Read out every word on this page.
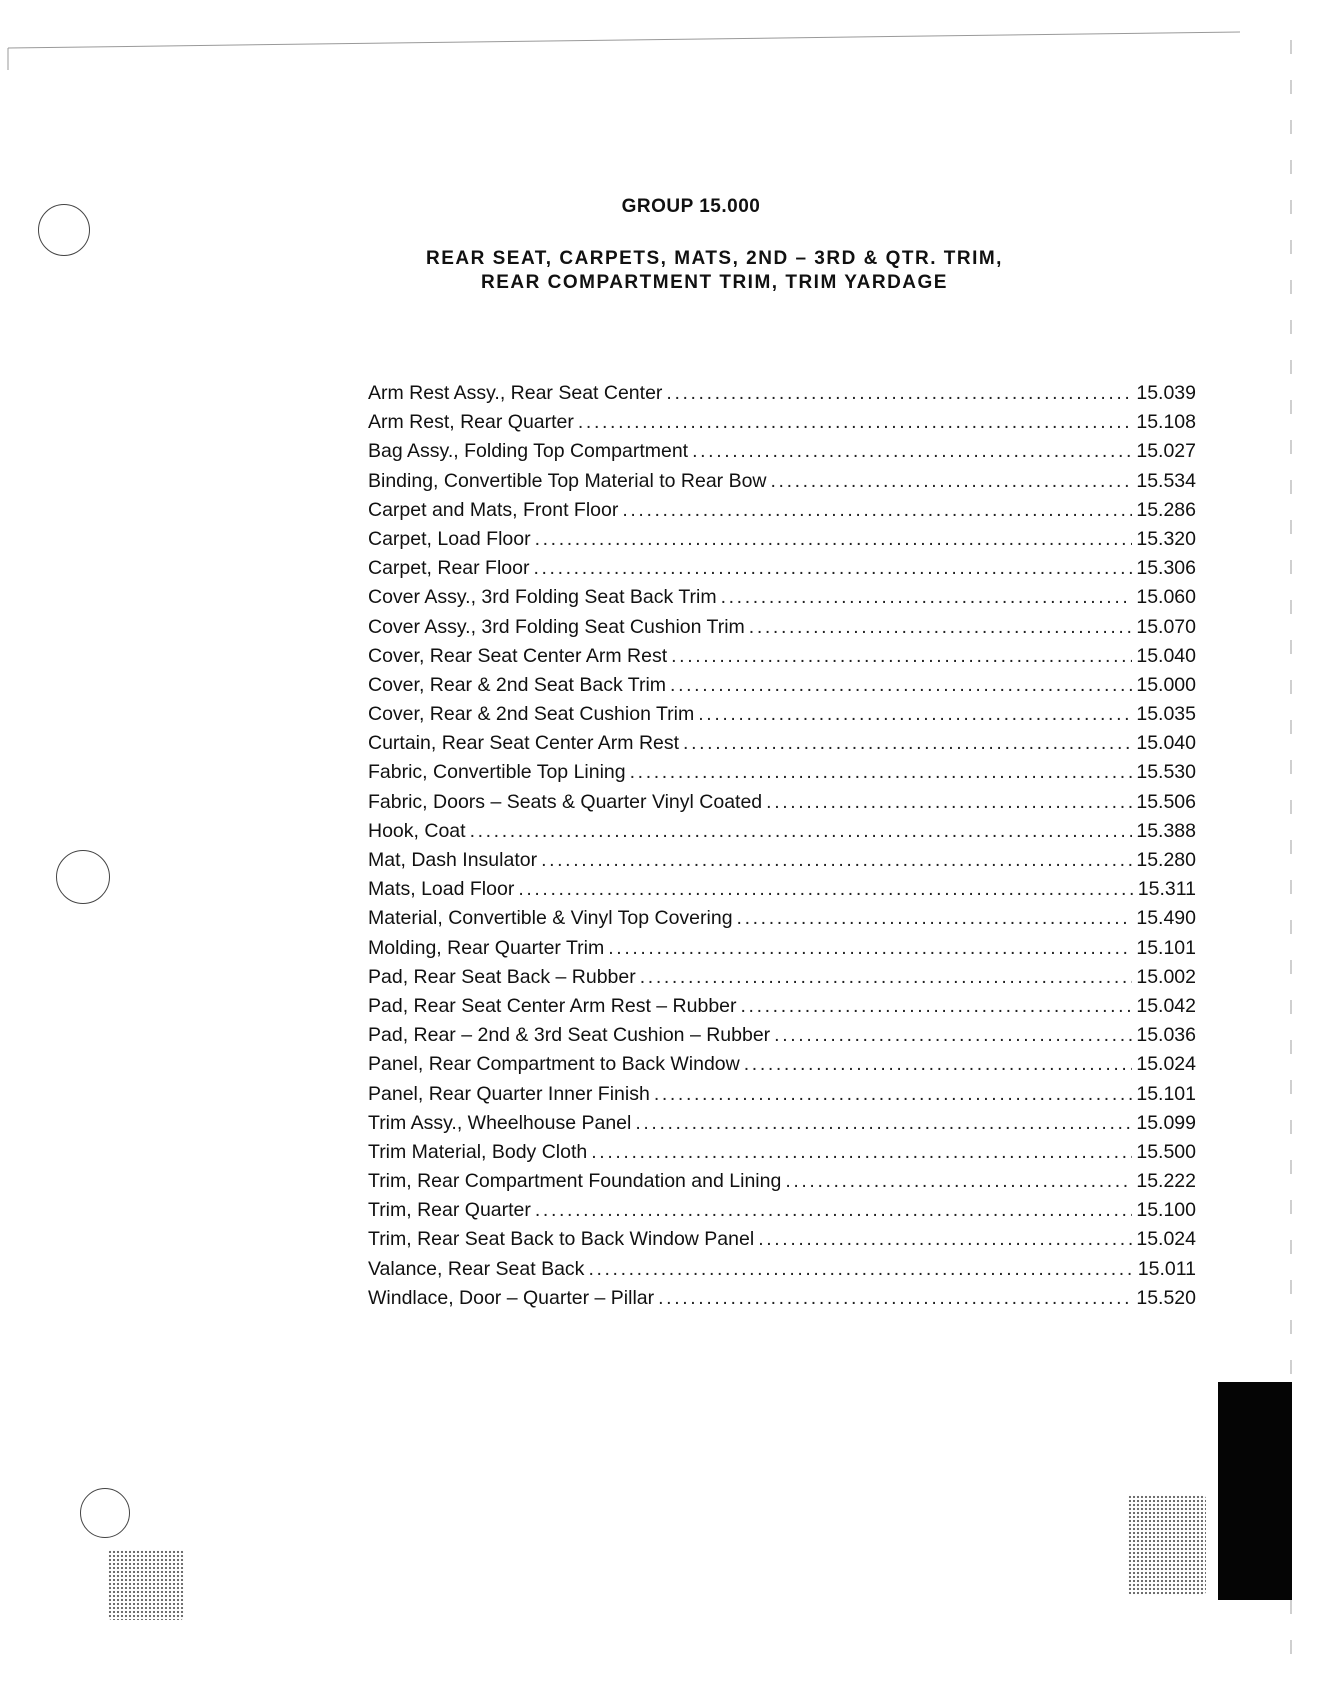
GROUP 15.000
REAR SEAT, CARPETS, MATS, 2ND – 3RD & QTR. TRIM,
REAR COMPARTMENT TRIM, TRIM YARDAGE
Arm Rest Assy., Rear Seat Center . . .	15.039
Arm Rest, Rear Quarter . . .	15.108
Bag Assy., Folding Top Compartment . . .	15.027
Binding, Convertible Top Material to Rear Bow . . .	15.534
Carpet and Mats, Front Floor . . .	15.286
Carpet, Load Floor . . .	15.320
Carpet, Rear Floor . . .	15.306
Cover Assy., 3rd Folding Seat Back Trim . . .	15.060
Cover Assy., 3rd Folding Seat Cushion Trim . . .	15.070
Cover, Rear Seat Center Arm Rest . . .	15.040
Cover, Rear & 2nd Seat Back Trim . . .	15.000
Cover, Rear & 2nd Seat Cushion Trim . . .	15.035
Curtain, Rear Seat Center Arm Rest . . .	15.040
Fabric, Convertible Top Lining . . .	15.530
Fabric, Doors – Seats & Quarter Vinyl Coated . . .	15.506
Hook, Coat . . .	15.388
Mat, Dash Insulator . . .	15.280
Mats, Load Floor . . .	15.311
Material, Convertible & Vinyl Top Covering . . .	15.490
Molding, Rear Quarter Trim . . .	15.101
Pad, Rear Seat Back – Rubber . . .	15.002
Pad, Rear Seat Center Arm Rest – Rubber . . .	15.042
Pad, Rear – 2nd & 3rd Seat Cushion – Rubber . . .	15.036
Panel, Rear Compartment to Back Window . . .	15.024
Panel, Rear Quarter Inner Finish . . .	15.101
Trim Assy., Wheelhouse Panel . . .	15.099
Trim Material, Body Cloth . . .	15.500
Trim, Rear Compartment Foundation and Lining . . .	15.222
Trim, Rear Quarter . . .	15.100
Trim, Rear Seat Back to Back Window Panel . . .	15.024
Valance, Rear Seat Back . . .	15.011
Windlace, Door – Quarter – Pillar . . .	15.520
